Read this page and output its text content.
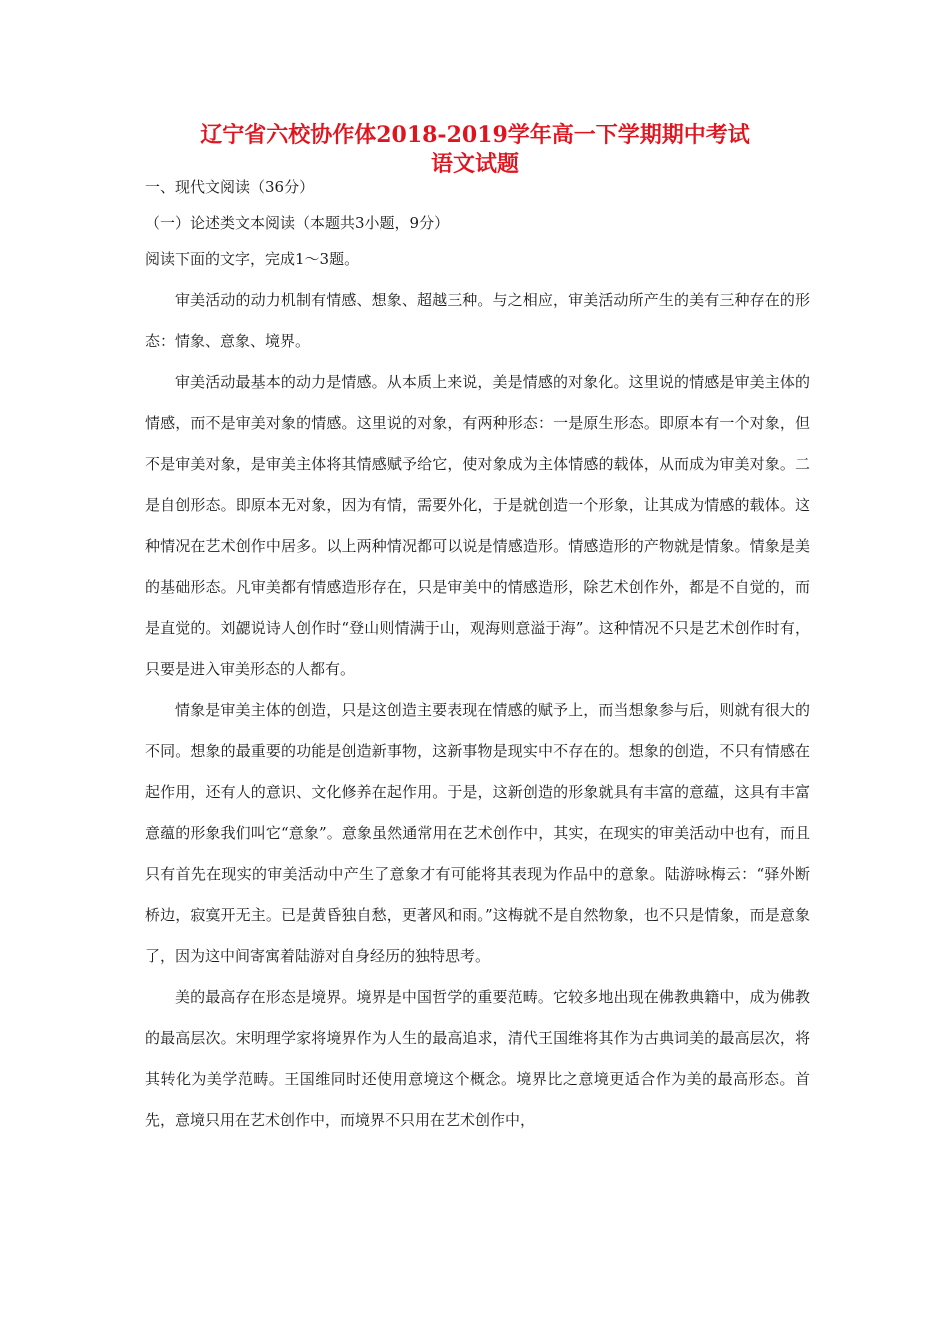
辽宁省六校协作体2018-2019学年高一下学期期中考试
语文试题
一、现代文阅读（36分）
（一）论述类文本阅读（本题共3小题，9分）
阅读下面的文字，完成1～3题。

审美活动的动力机制有情感、想象、超越三种。与之相应，审美活动所产生的美有三种存在的形态：情象、意象、境界。

审美活动最基本的动力是情感。从本质上来说，美是情感的对象化。这里说的情感是审美主体的情感，而不是审美对象的情感。这里说的对象，有两种形态：一是原生形态。即原本有一个对象，但不是审美对象，是审美主体将其情感赋予给它，使对象成为主体情感的载体，从而成为审美对象。二是自创形态。即原本无对象，因为有情，需要外化，于是就创造一个形象，让其成为情感的载体。这种情况在艺术创作中居多。以上两种情况都可以说是情感造形。情感造形的产物就是情象。情象是美的基础形态。凡审美都有情感造形存在，只是审美中的情感造形，除艺术创作外，都是不自觉的，而是直觉的。刘勰说诗人创作时“登山则情满于山，观海则意溢于海”。这种情况不只是艺术创作时有，只要是进入审美形态的人都有。

情象是审美主体的创造，只是这创造主要表现在情感的赋予上，而当想象参与后，则就有很大的不同。想象的最重要的功能是创造新事物，这新事物是现实中不存在的。想象的创造，不只有情感在起作用，还有人的意识、文化修养在起作用。于是，这新创造的形象就具有丰富的意蕴，这具有丰富意蕴的形象我们叫它“意象”。意象虽然通常用在艺术创作中，其实，在现实的审美活动中也有，而且只有首先在现实的审美活动中产生了意象才有可能将其表现为作品中的意象。陆游咏梅云：“驿外断桥边，寂寞开无主。已是黄昏独自愁，更著风和雨。”这梅就不是自然物象，也不只是情象，而是意象了，因为这中间寄寓着陆游对自身经历的独特思考。

美的最高存在形态是境界。境界是中国哲学的重要范畴。它较多地出现在佛教典籍中，成为佛教的最高层次。宋明理学家将境界作为人生的最高追求，清代王国维将其作为古典词美的最高层次，将其转化为美学范畴。王国维同时还使用意境这个概念。境界比之意境更适合作为美的最高形态。首先，意境只用在艺术创作中，而境界不只用在艺术创作中，
